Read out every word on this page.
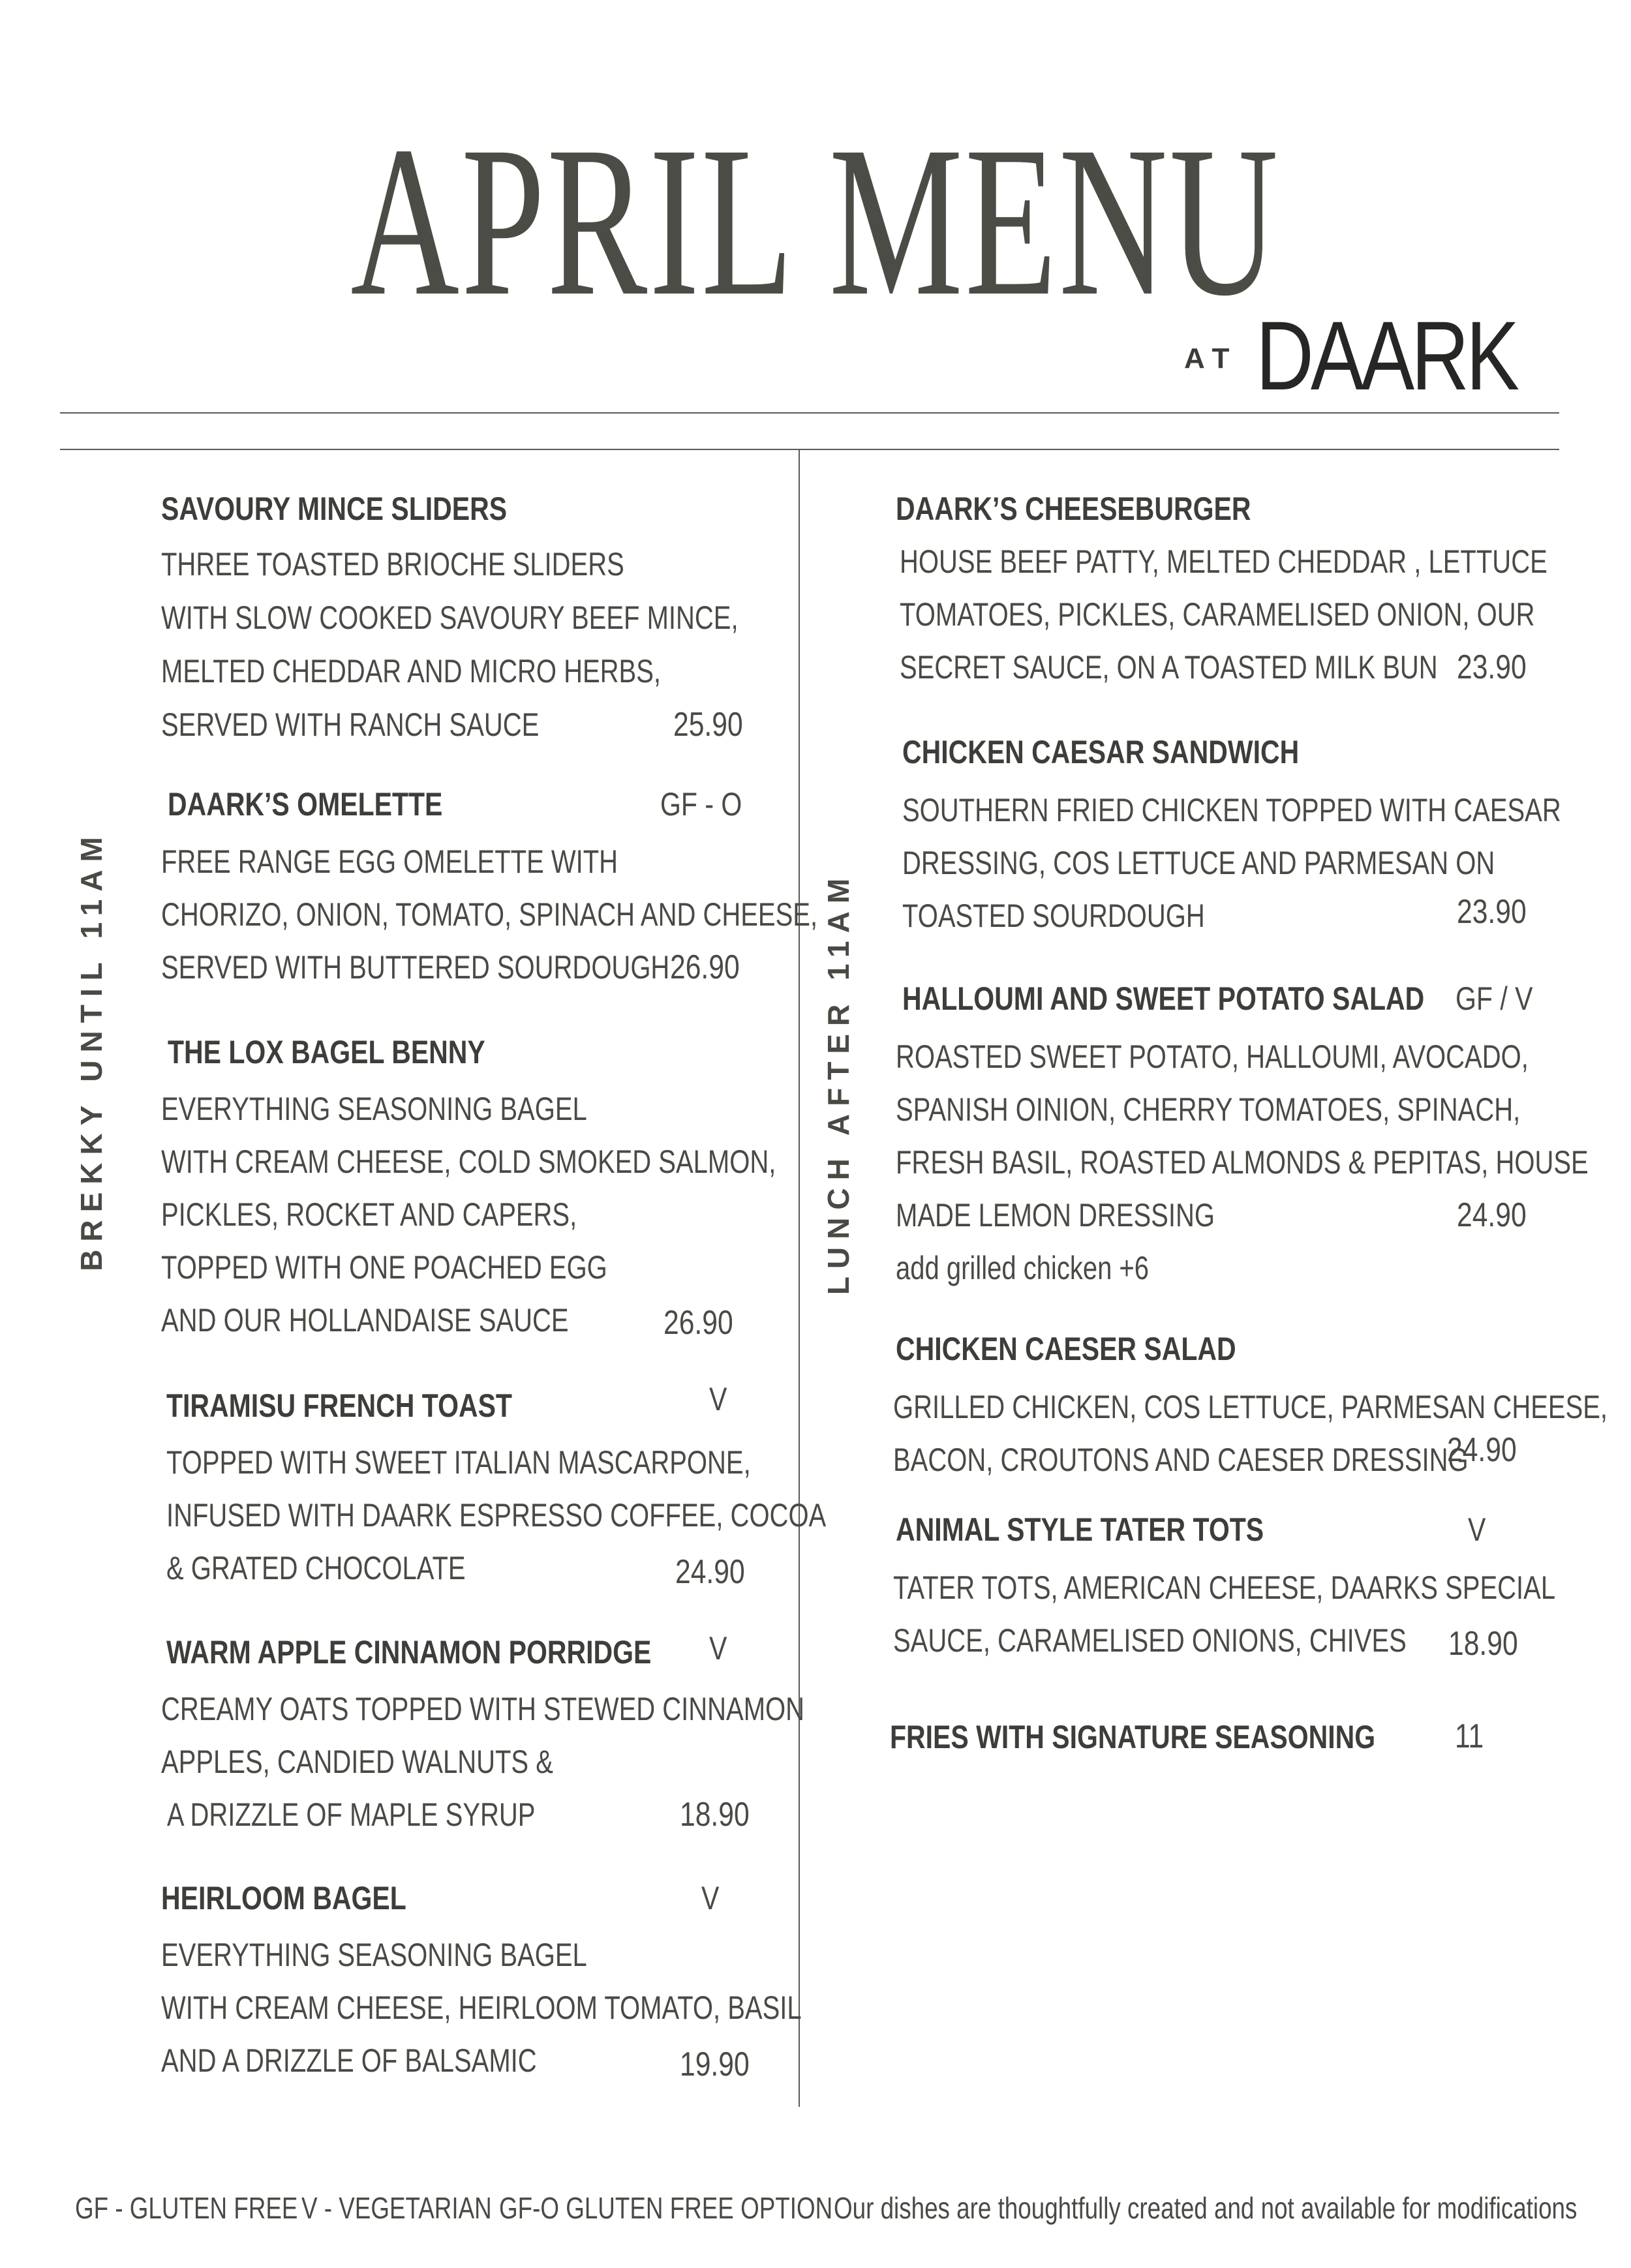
APRIL MENU
AT DAARK
BREKKY UNTIL 11AM	LUNCH AFTER 11AM
SAVOURY MINCE SLIDERS
THREE TOASTED BRIOCHE SLIDERS
WITH SLOW COOKED SAVOURY BEEF MINCE,
MELTED CHEDDAR AND MICRO HERBS,
SERVED WITH RANCH SAUCE	25.90
DAARK’S OMELETTE	GF - O
FREE RANGE EGG OMELETTE WITH
CHORIZO, ONION, TOMATO, SPINACH AND CHEESE,
SERVED WITH BUTTERED SOURDOUGH 26.90
THE LOX BAGEL BENNY
EVERYTHING SEASONING BAGEL
WITH CREAM CHEESE, COLD SMOKED SALMON,
PICKLES, ROCKET AND CAPERS,
TOPPED WITH ONE POACHED EGG
AND OUR HOLLANDAISE SAUCE	26.90
TIRAMISU FRENCH TOAST	V
TOPPED WITH SWEET ITALIAN MASCARPONE,
INFUSED WITH DAARK ESPRESSO COFFEE, COCOA
& GRATED CHOCOLATE	24.90
WARM APPLE CINNAMON PORRIDGE	V
CREAMY OATS TOPPED WITH STEWED CINNAMON
APPLES, CANDIED WALNUTS &
A DRIZZLE OF MAPLE SYRUP	18.90
HEIRLOOM BAGEL	V
EVERYTHING SEASONING BAGEL
WITH CREAM CHEESE, HEIRLOOM TOMATO, BASIL
AND A DRIZZLE OF BALSAMIC	19.90
DAARK’S CHEESEBURGER
HOUSE BEEF PATTY, MELTED CHEDDAR , LETTUCE
TOMATOES, PICKLES, CARAMELISED ONION, OUR
SECRET SAUCE, ON A TOASTED MILK BUN 23.90
CHICKEN CAESAR SANDWICH
SOUTHERN FRIED CHICKEN TOPPED WITH CAESAR
DRESSING, COS LETTUCE AND PARMESAN ON
TOASTED SOURDOUGH	23.90
HALLOUMI AND SWEET POTATO SALAD GF / V
ROASTED SWEET POTATO, HALLOUMI, AVOCADO,
SPANISH OINION, CHERRY TOMATOES, SPINACH,
FRESH BASIL, ROASTED ALMONDS & PEPITAS, HOUSE
MADE LEMON DRESSING
add grilled chicken +6
24.90
CHICKEN CAESER SALAD
GRILLED CHICKEN, COS LETTUCE, PARMESAN CHEESE,
BACON, CROUTONS AND CAESER DRESSING
24.90
ANIMAL STYLE TATER TOTS	V
TATER TOTS, AMERICAN CHEESE, DAARKS SPECIAL
SAUCE, CARAMELISED ONIONS, CHIVES	18.90
FRIES WITH SIGNATURE SEASONING	11
GF - GLUTEN FREE V - VEGETARIAN GF-O GLUTEN FREE OPTION Our dishes are thoughtfully created and not available for modifications
